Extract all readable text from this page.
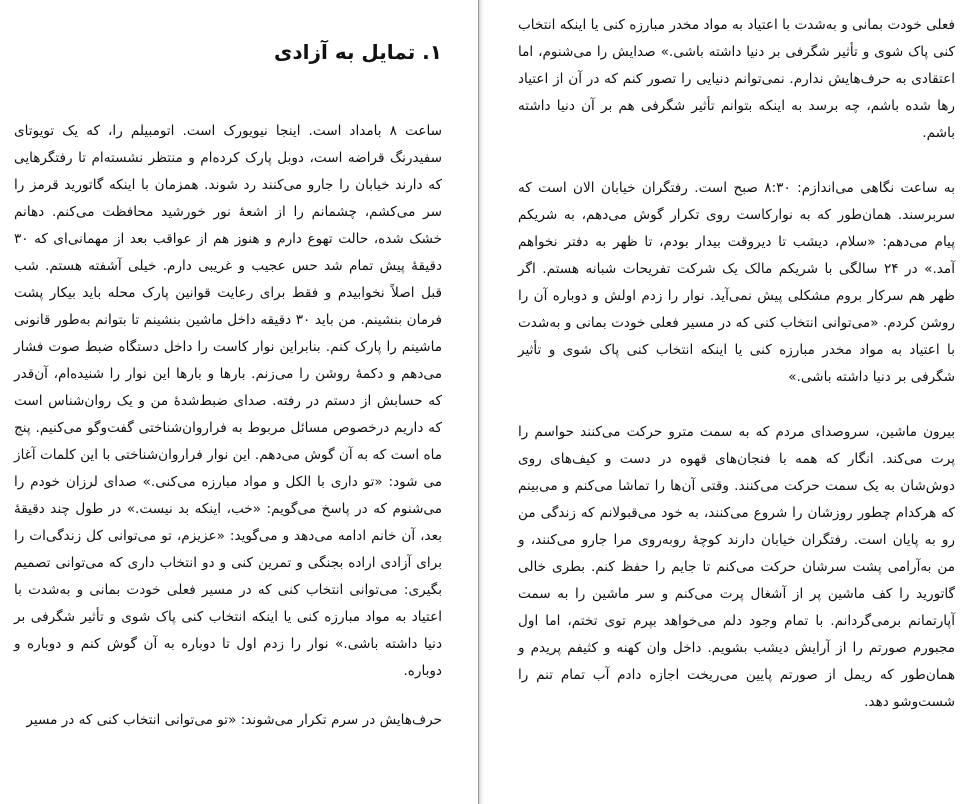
۱. تمایل به آزادی

ساعت ۸ بامداد است. اینجا نیویورک است. اتومبیلم را، که یک تویوتای سفیدرنگ قراضه است، دوبل پارک کرده‌ام و منتظر نشسته‌ام تا رفتگرهایی که دارند خیابان را جارو می‌کنند رد شوند. همزمان با اینکه گاتورید قرمز را سر می‌کشم، چشمانم را از اشعهٔ نور خورشید محافظت می‌کنم. دهانم خشک شده، حالت تهوع دارم و هنوز هم از عواقب بعد از مهمانی‌ای که ۳۰ دقیقهٔ پیش تمام شد حس عجیب و غریبی دارم. خیلی آشفته هستم. شب قبل اصلاً نخوابیدم و فقط برای رعایت قوانین پارک محله باید بیکار پشت فرمان بنشینم. من باید ۳۰ دقیقه داخل ماشین بنشینم تا بتوانم به‌طور قانونی ماشینم را پارک کنم. بنابراین نوار کاست را داخل دستگاه ضبط صوت فشار می‌دهم و دکمهٔ روشن را می‌زنم. بارها و بارها این نوار را شنیده‌ام، آن‌قدر که حسابش از دستم در رفته. صدای ضبط‌شدهٔ من و یک روان‌شناس است که داریم درخصوص مسائل مربوط به فراروان‌شناختی گفت‌وگو می‌کنیم. پنج ماه است که به آن گوش می‌دهم. این نوار فراروان‌شناختی با این کلمات آغاز می شود: «تو داری با الکل و مواد مبارزه می‌کنی.» صدای لرزان خودم را می‌شنوم که در پاسخ می‌گویم: «خب، اینکه بد نیست.» در طول چند دقیقهٔ بعد، آن خانم ادامه می‌دهد و می‌گوید: «عزیزم، تو می‌توانی کل زندگی‌ات را برای آزادی اراده بجنگی و تمرین کنی و دو انتخاب داری که می‌توانی تصمیم بگیری: می‌توانی انتخاب کنی که در مسیر فعلی خودت بمانی و به‌شدت با اعتیاد به مواد مبارزه کنی یا اینکه انتخاب کنی پاک شوی و تأثیر شگرفی بر دنیا داشته باشی.» نوار را زدم اول تا دوباره به آن گوش کنم و دوباره و دوباره.

حرف‌هایش در سرم تکرار می‌شوند: «تو می‌توانی انتخاب کنی که در مسیر

فعلی خودت بمانی و به‌شدت با اعتیاد به مواد مخدر مبارزه کنی یا اینکه انتخاب کنی پاک شوی و تأثیر شگرفی بر دنیا داشته باشی.» صدایش را می‌شنوم، اما اعتقادی به حرف‌هایش ندارم. نمی‌توانم دنیایی را تصور کنم که در آن از اعتیاد رها شده باشم، چه برسد به اینکه بتوانم تأثیر شگرفی هم بر آن دنیا داشته باشم.

به ساعت نگاهی می‌اندازم: ۸:۳۰ صبح است. رفتگران خیابان الان است که سربرسند. همان‌طور که به نوارکاست روی تکرار گوش می‌دهم، به شریکم پیام می‌دهم: «سلام، دیشب تا دیروقت بیدار بودم، تا ظهر به دفتر نخواهم آمد.» در ۲۴ سالگی با شریکم مالک یک شرکت تفریحات شبانه هستم. اگر ظهر هم سرکار بروم مشکلی پیش نمی‌آید. نوار را زدم اولش و دوباره آن را روشن کردم. «می‌توانی انتخاب کنی که در مسیر فعلی خودت بمانی و به‌شدت با اعتیاد به مواد مخدر مبارزه کنی یا اینکه انتخاب کنی پاک شوی و تأثیر شگرفی بر دنیا داشته باشی.»

بیرون ماشین، سروصدای مردم که به سمت مترو حرکت می‌کنند حواسم را پرت می‌کند. انگار که همه با فنجان‌های قهوه در دست و کیف‌های روی دوش‌شان به یک سمت حرکت می‌کنند. وقتی آن‌ها را تماشا می‌کنم و می‌بینم که هرکدام چطور روزشان را شروع می‌کنند، به خود می‌قبولانم که زندگی من رو به پایان است. رفتگران خیابان دارند کوچهٔ روبه‌روی مرا جارو می‌کنند، و من به‌آرامی پشت سرشان حرکت می‌کنم تا جایم را حفظ کنم. بطری خالی گاتورید را کف ماشین پر از آشغال پرت می‌کنم و سر ماشین را به سمت آپارتمانم برمی‌گردانم. با تمام وجود دلم می‌خواهد بپرم توی تختم، اما اول مجبورم صورتم را از آرایش دیشب بشویم. داخل وان کهنه و کثیفم پریدم و همان‌طور که ریمل از صورتم پایین می‌ریخت اجازه دادم آب تمام تنم را شست‌وشو دهد.
